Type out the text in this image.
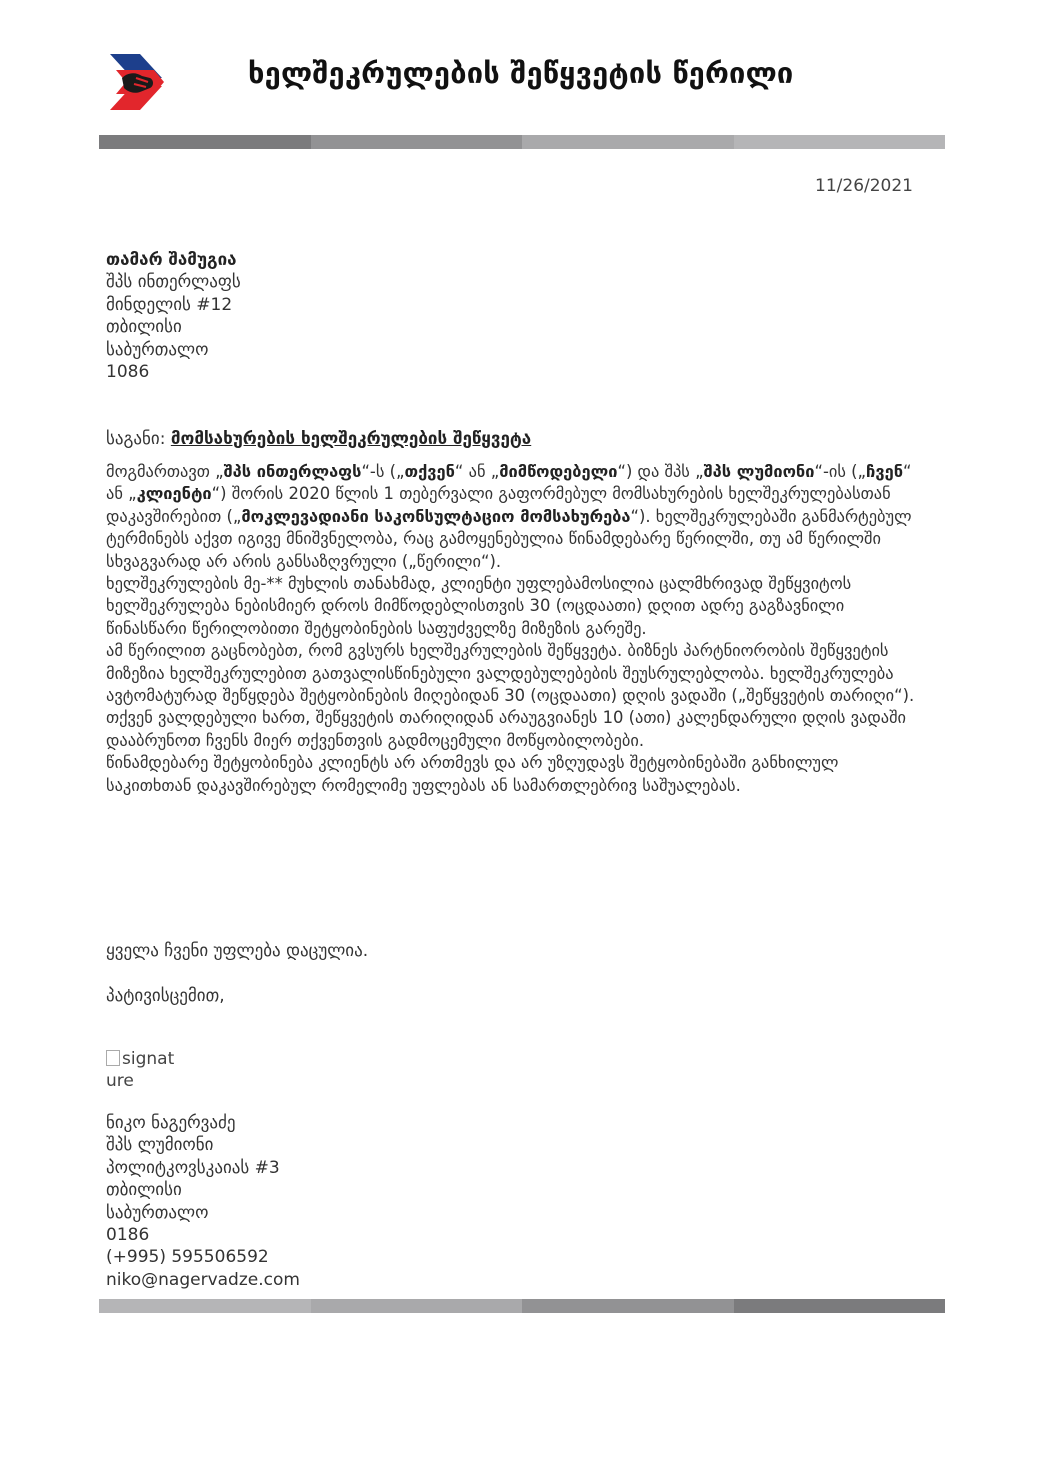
ხელშეკრულების შეწყვეტის წერილი
11/26/2021
თამარ შამუგია
შპს ინთერლაფს
მინდელის #12
თბილისი
საბურთალო
1086
საგანი: მომსახურების ხელშეკრულების შეწყვეტა

მოგმართავთ „შპს ინთერლაფს“-ს („თქვენ“ ან „მიმწოდებელი“) და შპს „შპს ლუმიონი“-ის („ჩვენ“ ან „კლიენტი“) შორის 2020 წლის 1 თებერვალი გაფორმებულ მომსახურების ხელშეკრულებასთან დაკავშირებით („მოკლევადიანი საკონსულტაციო მომსახურება“). ხელშეკრულებაში განმარტებულ ტერმინებს აქვთ იგივე მნიშვნელობა, რაც გამოყენებულია წინამდებარე წერილში, თუ ამ წერილში სხვაგვარად არ არის განსაზღვრული („წერილი“).

ხელშეკრულების მე-** მუხლის თანახმად, კლიენტი უფლებამოსილია ცალმხრივად შეწყვიტოს ხელშეკრულება ნებისმიერ დროს მიმწოდებლისთვის 30 (ოცდაათი) დღით ადრე გაგზავნილი წინასწარი წერილობითი შეტყობინების საფუძველზე მიზეზის გარეშე.

ამ წერილით გაცნობებთ, რომ გვსურს ხელშეკრულების შეწყვეტა. ბიზნეს პარტნიორობის შეწყვეტის მიზეზია ხელშეკრულებით გათვალისწინებული ვალდებულებების შეუსრულებლობა. ხელშეკრულება

ავტომატურად შეწყდება შეტყობინების მიღებიდან 30 (ოცდაათი) დღის ვადაში („შეწყვეტის თარიღი“). თქვენ ვალდებული ხართ, შეწყვეტის თარიღიდან არაუგვიანეს 10 (ათი) კალენდარული დღის ვადაში დააბრუნოთ ჩვენს მიერ თქვენთვის გადმოცემული მოწყობილობები.

წინამდებარე შეტყობინება კლიენტს არ ართმევს და არ უზღუდავს შეტყობინებაში განხილულ საკითხთან დაკავშირებულ რომელიმე უფლებას ან სამართლებრივ საშუალებას.

ყველა ჩვენი უფლება დაცულია.
პატივისცემით,
signat
ure
ნიკო ნაგერვაძე
შპს ლუმიონი
პოლიტკოვსკაიას #3
თბილისი
საბურთალო
0186
(+995) 595506592
niko@nagervadze.com
